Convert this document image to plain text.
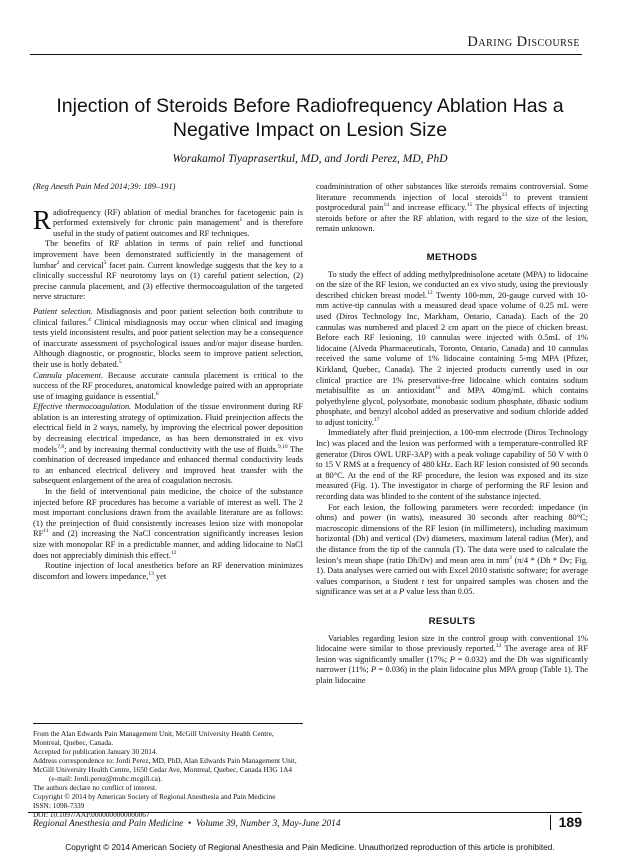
Daring Discourse
Injection of Steroids Before Radiofrequency Ablation Has a
Negative Impact on Lesion Size
Worakamol Tiyaprasertkul, MD, and Jordi Perez, MD, PhD

(Reg Anesth Pain Med 2014;39: 189–191)

Radiofrequency (RF) ablation of medial branches for facetogenic pain is performed extensively for chronic pain management$^1$ and is therefore useful in the study of patient outcomes and RF techniques.

The benefits of RF ablation in terms of pain relief and functional improvement have been demonstrated sufficiently in the management of lumbar$^2$ and cervical$^3$ facet pain. Current knowledge suggests that the key to a clinically successful RF neurotomy lays on (1) careful patient selection, (2) precise cannula placement, and (3) effective thermocoagulation of the targeted nerve structure:

Patient selection. Misdiagnosis and poor patient selection both contribute to clinical failures.$^4$ Clinical misdiagnosis may occur when clinical and imaging tests yield inconsistent results, and poor patient selection may be a consequence of inaccurate assessment of psychological issues and/or major disease burden. Although diagnostic, or prognostic, blocks seem to improve patient selection, their use is hotly debated.$^5$

Cannula placement. Because accurate cannula placement is critical to the success of the RF procedures, anatomical knowledge paired with an appropriate use of imaging guidance is essential.$^6$
Effective thermocoagulation. Modulation of the tissue environment during RF ablation is an interesting strategy of optimization. Fluid preinjection affects the electrical field in 2 ways, namely, by improving the electrical power deposition by decreasing electrical impedance, as has been demonstrated in ex vivo models$^{7,8}$; and by increasing thermal conductivity with the use of fluids.$^{9,10}$ The combination of decreased impedance and enhanced thermal conductivity leads to an enhanced electrical delivery and improved heat transfer with the subsequent enlargement of the area of coagulation necrosis.

In the field of interventional pain medicine, the choice of the substance injected before RF procedures has become a variable of interest as well. The 2 most important conclusions drawn from the available literature are as follows: (1) the preinjection of fluid consistently increases lesion size with monopolar RF$^{11}$ and (2) increasing the NaCl concentration significantly increases lesion size with monopolar RF in a predictable manner, and adding lidocaine to NaCl does not appreciably diminish this effect.$^{12}$

Routine injection of local anesthetics before an RF denervation minimizes discomfort and lowers impedance,$^{13}$ yet

From the Alan Edwards Pain Management Unit, McGill University Health Centre, Montreal, Quebec, Canada.
Accepted for publication January 30 2014.
Address correspondence to: Jordi Perez, MD, PhD, Alan Edwards Pain Management Unit, McGill University Health Centre, 1650 Cedar Ave, Montreal, Quebec, Canada H3G 1A4
(e-mail: Jordi.perez@muhc.mcgill.ca).
The authors declare no conflict of interest.
Copyright © 2014 by American Society of Regional Anesthesia and Pain Medicine
ISSN: 1098-7339
DOI: 10.1097/AAP.0000000000000067

coadministration of other substances like steroids remains controversial. Some literature recommends injection of local steroids$^{13}$ to prevent transient postprocedural pain$^{14}$ and increase efficacy.$^{15}$ The physical effects of injecting steroids before or after the RF ablation, with regard to the size of the lesion, remain unknown.

METHODS

To study the effect of adding methylprednisolone acetate (MPA) to lidocaine on the size of the RF lesion, we conducted an ex vivo study, using the previously described chicken breast model.$^{12}$ Twenty 100-mm, 20-gauge curved with 10-mm active-tip cannulas with a measured dead space volume of 0.25 mL were used (Diros Technology Inc, Markham, Ontario, Canada). Each of the 20 cannulas was numbered and placed 2 cm apart on the piece of chicken breast. Before each RF lesioning, 10 cannulas were injected with 0.5mL of 1% lidocaine (Alveda Pharmaceuticals, Toronto, Ontario, Canada) and 10 cannulas received the same volume of 1% lidocaine containing 5-mg MPA (Pfizer, Kirkland, Quebec, Canada). The 2 injected products currently used in our clinical practice are 1% preservative-free lidocaine which contains sodium metabisulfite as an antioxidant$^{16}$ and MPA 40mg/mL which contains polyethylene glycol, polysorbate, monobasic sodium phosphate, dibasic sodium phosphate, and benzyl alcohol added as preservative and sodium chloride added to adjust tonicity.$^{17}$

Immediately after fluid preinjection, a 100-mm electrode (Diros Technology Inc) was placed and the lesion was performed with a temperature-controlled RF generator (Diros OWL URF-3AP) with a peak voltage capability of 50 V with 0 to 15 V RMS at a frequency of 480 kHz. Each RF lesion consisted of 90 seconds at 80°C. At the end of the RF procedure, the lesion was exposed and its size measured (Fig. 1). The investigator in charge of performing the RF lesion and recording data was blinded to the content of the substance injected.

For each lesion, the following parameters were recorded: impedance (in ohms) and power (in watts), measured 30 seconds after reaching 80°C; macroscopic dimensions of the RF lesion (in millimeters), including maximum horizontal (Dh) and vertical (Dv) diameters, maximum lateral radius (Mer), and the distance from the tip of the cannula (T). The data were used to calculate the lesion’s mean shape (ratio Dh/Dv) and mean area in $mm^2$ (π/4 * (Dh * Dv; Fig. 1). Data analyses were carried out with Excel 2010 statistic software; for average values comparison, a Student t test for unpaired samples was chosen and the significance was set at a P value less than 0.05.

RESULTS

Variables regarding lesion size in the control group with conventional 1% lidocaine were similar to those previously reported.$^{12}$ The average area of RF lesion was significantly smaller (17%; P = 0.032) and the Dh was significantly narrower (11%; P = 0.036) in the plain lidocaine plus MPA group (Table 1). The plain lidocaine

Regional Anesthesia and Pain Medicine • Volume 39, Number 3, May-June 2014	189
Copyright © 2014 American Society of Regional Anesthesia and Pain Medicine. Unauthorized reproduction of this article is prohibited.
